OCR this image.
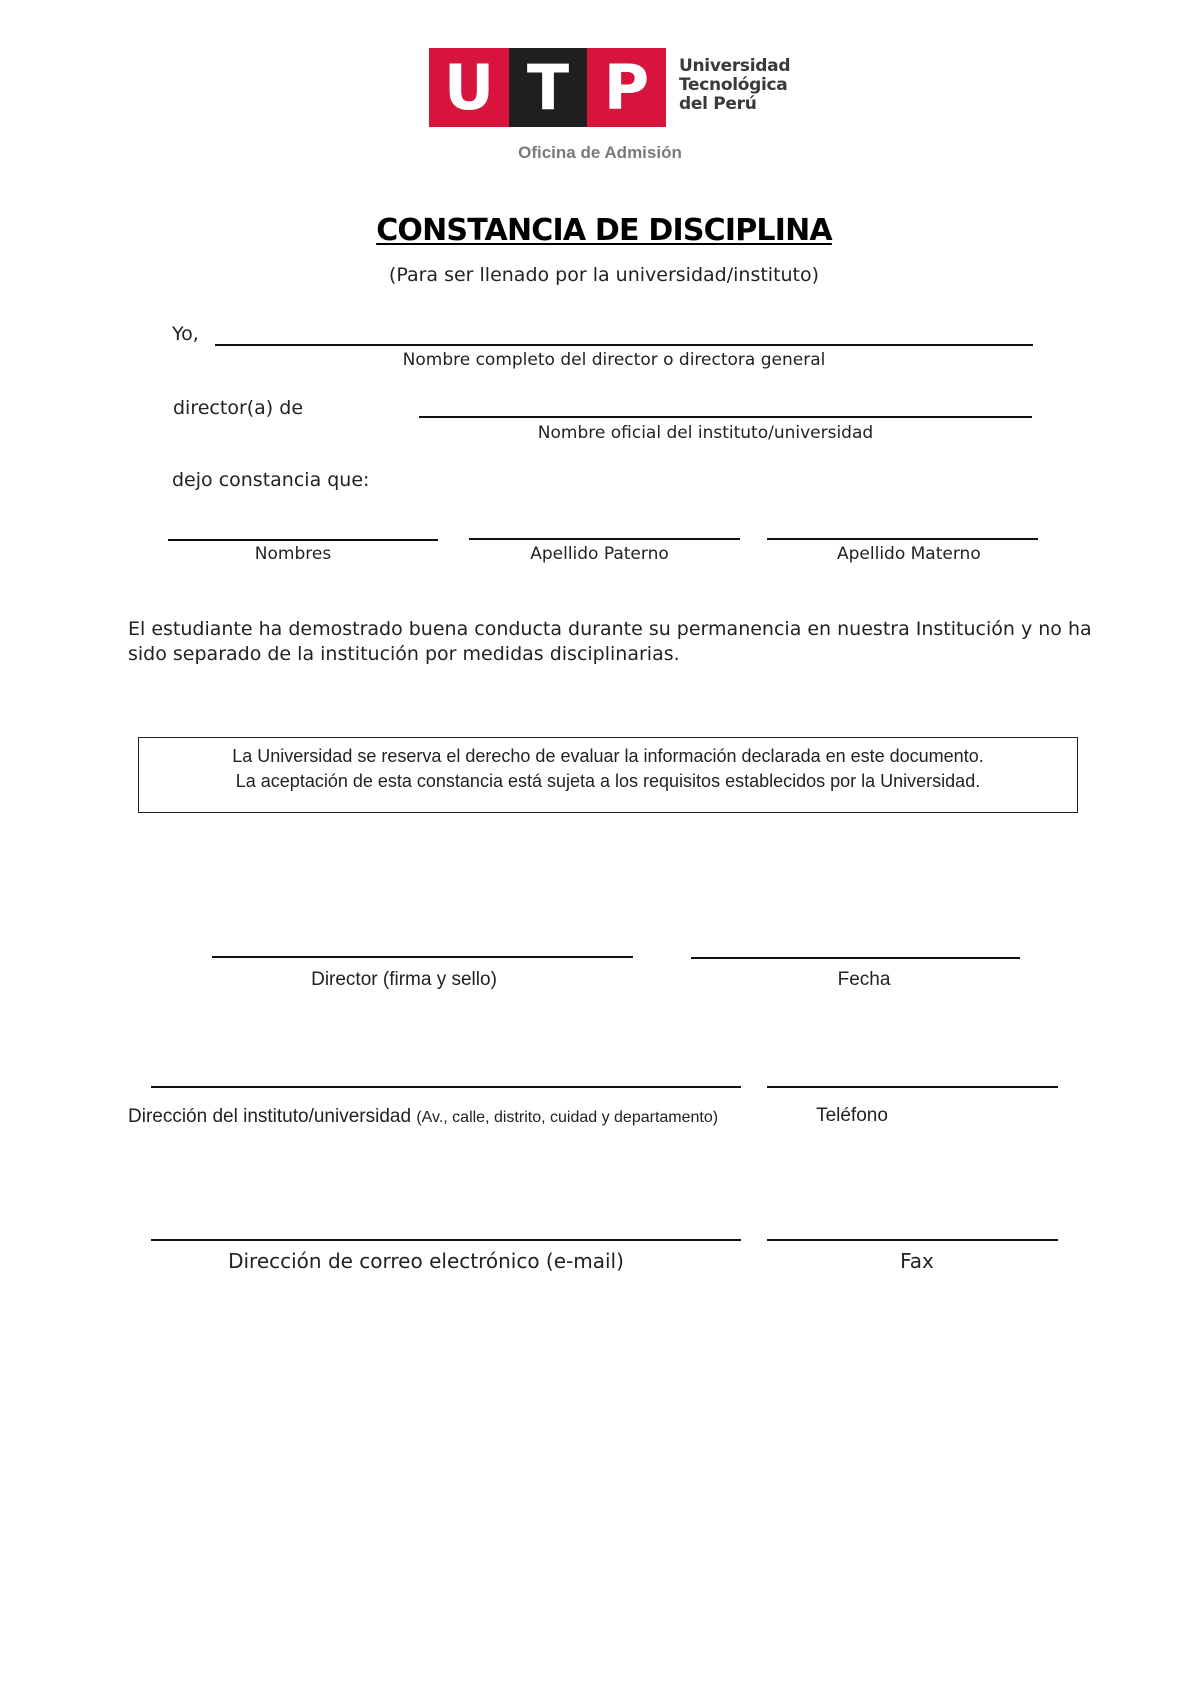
U T P	Universidad
Tecnológica
del Perú
Oficina de Admisión
CONSTANCIA DE DISCIPLINA
(Para ser llenado por la universidad/instituto)
Yo,
Nombre completo del director o directora general
director(a) de
Nombre oficial del instituto/universidad
dejo constancia que:
Nombres	Apellido Paterno	Apellido Materno
El estudiante ha demostrado buena conducta durante su permanencia en nuestra Institución y no ha sido separado de la institución por medidas disciplinarias.
La Universidad se reserva el derecho de evaluar la información declarada en este documento.
La aceptación de esta constancia está sujeta a los requisitos establecidos por la Universidad.
Director (firma y sello)	Fecha
Dirección del instituto/universidad (Av., calle, distrito, cuidad y departamento)	Teléfono
Dirección de correo electrónico (e-mail)	Fax
